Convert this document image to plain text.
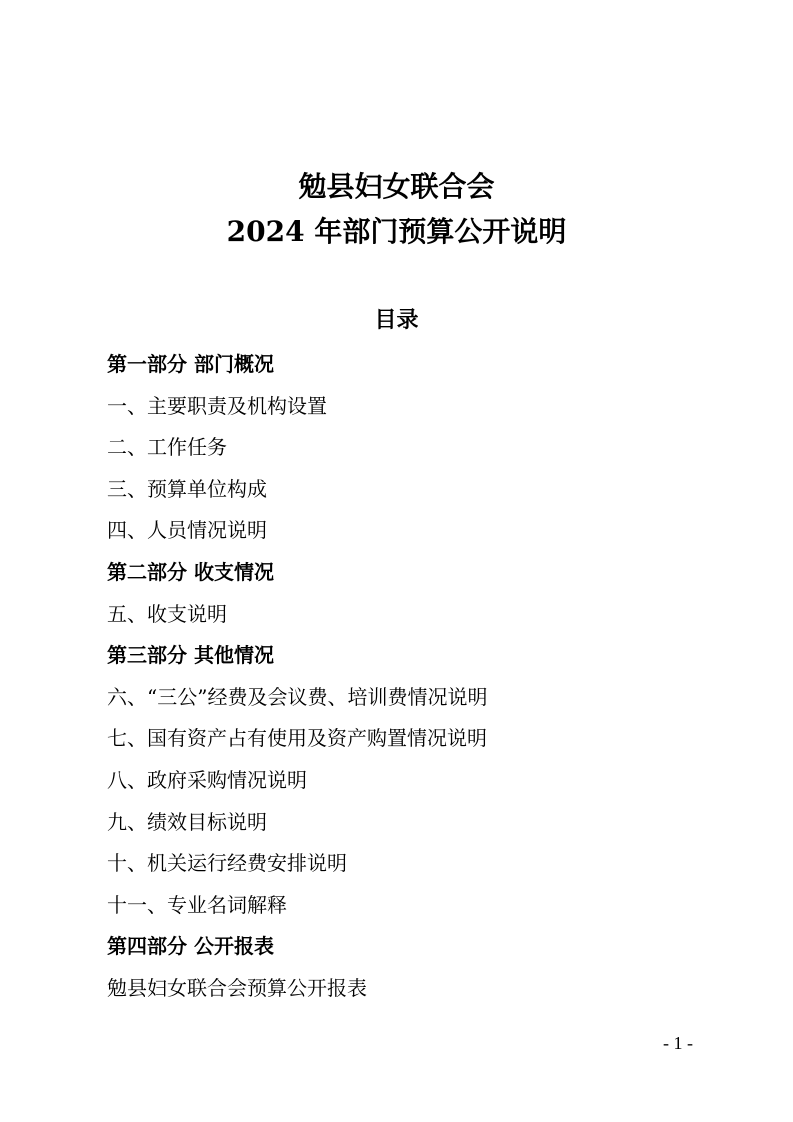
勉县妇女联合会
2024 年部门预算公开说明
目录
第一部分 部门概况
一、主要职责及机构设置
二、工作任务
三、预算单位构成
四、人员情况说明
第二部分 收支情况
五、收支说明
第三部分 其他情况
六、“三公”经费及会议费、培训费情况说明
七、国有资产占有使用及资产购置情况说明
八、政府采购情况说明
九、绩效目标说明
十、机关运行经费安排说明
十一、专业名词解释
第四部分 公开报表
勉县妇女联合会预算公开报表
- 1 -
